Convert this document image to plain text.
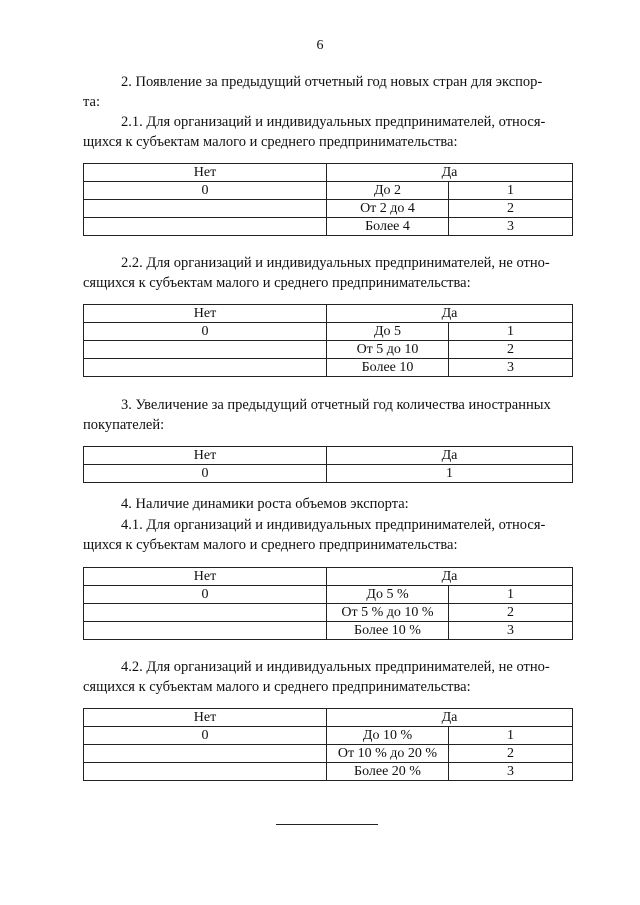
6
2. Появление за предыдущий отчетный год новых стран для экспор-
та:
2.1. Для организаций и индивидуальных предпринимателей, относя-
щихся к субъектам малого и среднего предпринимательства:
Нет	Да	
0	До 2	1
	От 2 до 4	2
	Более 4	3
2.2. Для организаций и индивидуальных предпринимателей, не отно-
сящихся к субъектам малого и среднего предпринимательства:
Нет	Да	
0	До 5	1
	От 5 до 10	2
	Более 10	3
3. Увеличение за предыдущий отчетный год количества иностранных
покупателей:
Нет	Да
0	1
4. Наличие динамики роста объемов экспорта:
4.1. Для организаций и индивидуальных предпринимателей, относя-
щихся к субъектам малого и среднего предпринимательства:
Нет	Да	
0	До 5 %	1
	От 5 % до 10 %	2
	Более 10 %	3
4.2. Для организаций и индивидуальных предпринимателей, не отно-
сящихся к субъектам малого и среднего предпринимательства:
Нет	Да	
0	До 10 %	1
	От 10 % до 20 %	2
	Более 20 %	3
